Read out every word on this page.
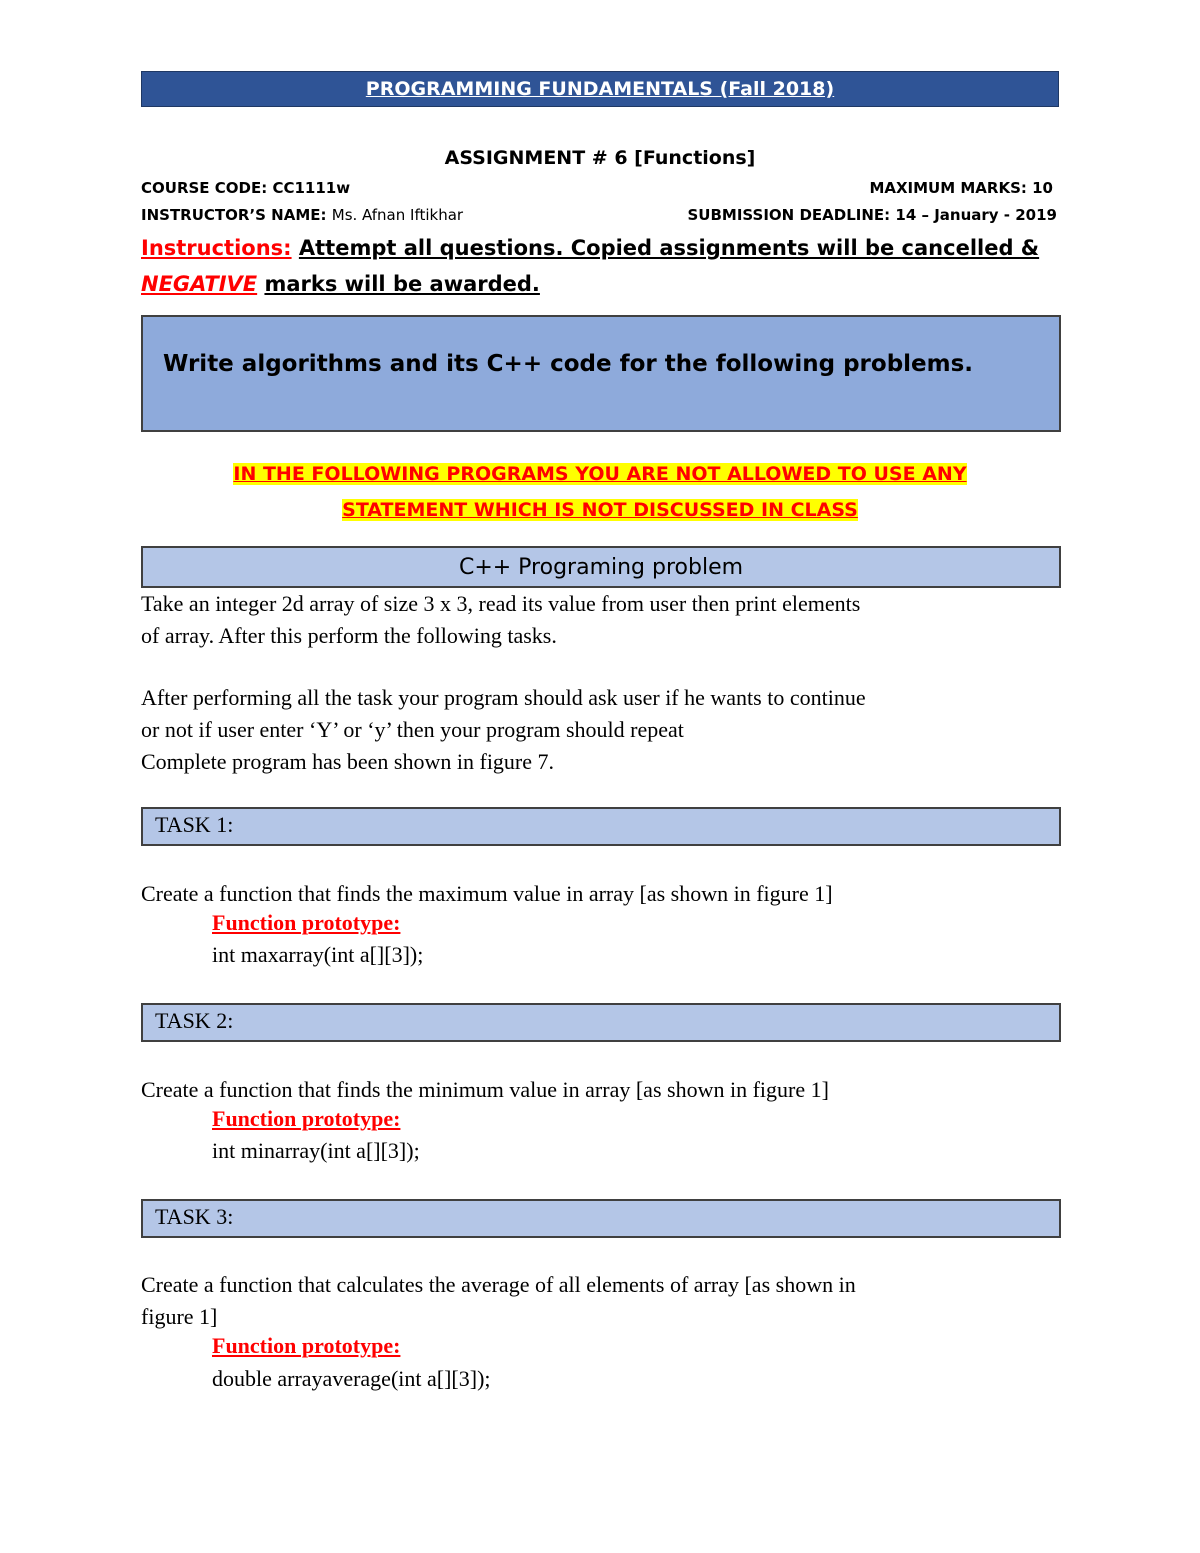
PROGRAMMING FUNDAMENTALS (Fall 2018)
ASSIGNMENT # 6 [Functions]
COURSE CODE: CC1111w	MAXIMUM MARKS: 10
INSTRUCTOR’S NAME: Ms. Afnan Iftikhar	SUBMISSION DEADLINE: 14 – January - 2019
Instructions: Attempt all questions. Copied assignments will be cancelled &
NEGATIVE marks will be awarded.
Write algorithms and its C++ code for the following problems.
IN THE FOLLOWING PROGRAMS YOU ARE NOT ALLOWED TO USE ANY
STATEMENT WHICH IS NOT DISCUSSED IN CLASS
C++ Programing problem
Take an integer 2d array of size 3 x 3, read its value from user then print elements
of array. After this perform the following tasks.
After performing all the task your program should ask user if he wants to continue
or not if user enter ‘Y’ or ‘y’ then your program should repeat
Complete program has been shown in figure 7.
TASK 1:
Create a function that finds the maximum value in array [as shown in figure 1]
Function prototype:
int maxarray(int a[][3]);
TASK 2:
Create a function that finds the minimum value in array [as shown in figure 1]
Function prototype:
int minarray(int a[][3]);
TASK 3:
Create a function that calculates the average of all elements of array [as shown in
figure 1]
Function prototype:
double arrayaverage(int a[][3]);
